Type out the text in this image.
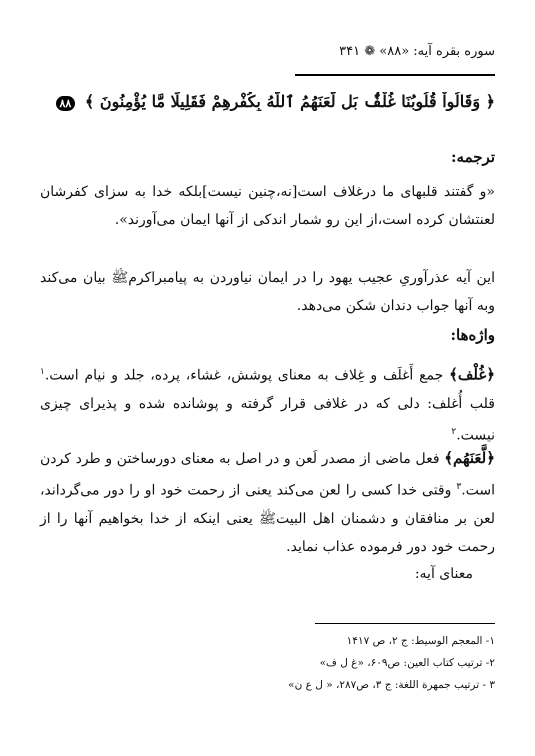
سوره بقره آیه: «۸۸» ❁ ۳۴۱
﴿ وَقَالُواْ قُلُوبُنَا غُلْفٌۢ بَل لَّعَنَهُمُ ٱللَّهُ بِكُفْرِهِمْ فَقَلِيلًا مَّا يُؤْمِنُونَ ﴾ ۸۸
ترجمه:
«و گفتند قلبهای ما درغلاف است[نه،چنین نیست]بلکه خدا به سزای کفرشان لعنتشان کرده است،از این رو شمار اندکی از آنها ایمان می‌آورند».
این آیه عذرآوریِ عجیب یهود را در ایمان نیاوردن به پیامبراکرمﷺ بیان می‌کند وبه آنها جواب دندان شکن می‌دهد.
واژه‌ها:
﴿غُلْف﴾ جمع أَغلَف و غِلاف به معنای پوشش، غشاء، پرده، جلد و نیام است.$^۱$ قلب أُغلف: دلی که در غلافی قرار گرفته و پوشانده شده و پذیرای چیزی نیست.$^۲$
﴿لَّعَنَهُم﴾ فعل ماضی از مصدر لَعن و در اصل به معنای دورساختن و طرد کردن است.$^۳$ وقتی خدا کسی را لعن می‌کند یعنی از رحمت خود او را دور می‌گرداند، لعن بر منافقان و دشمنان اهل البیتﷺ یعنی اینکه از خدا بخواهیم آنها را از رحمت خود دور فرموده عذاب نماید.
معنای آیه:
۱- المعجم الوسیط: ج ۲، ص ۱۴۱۷
۲- ترتیب کتاب العین: ص۶۰۹، «غ ل ف»
۳ - ترتیب جمهرة اللغة: ج ۳، ص۲۸۷، « ل ع ن»
